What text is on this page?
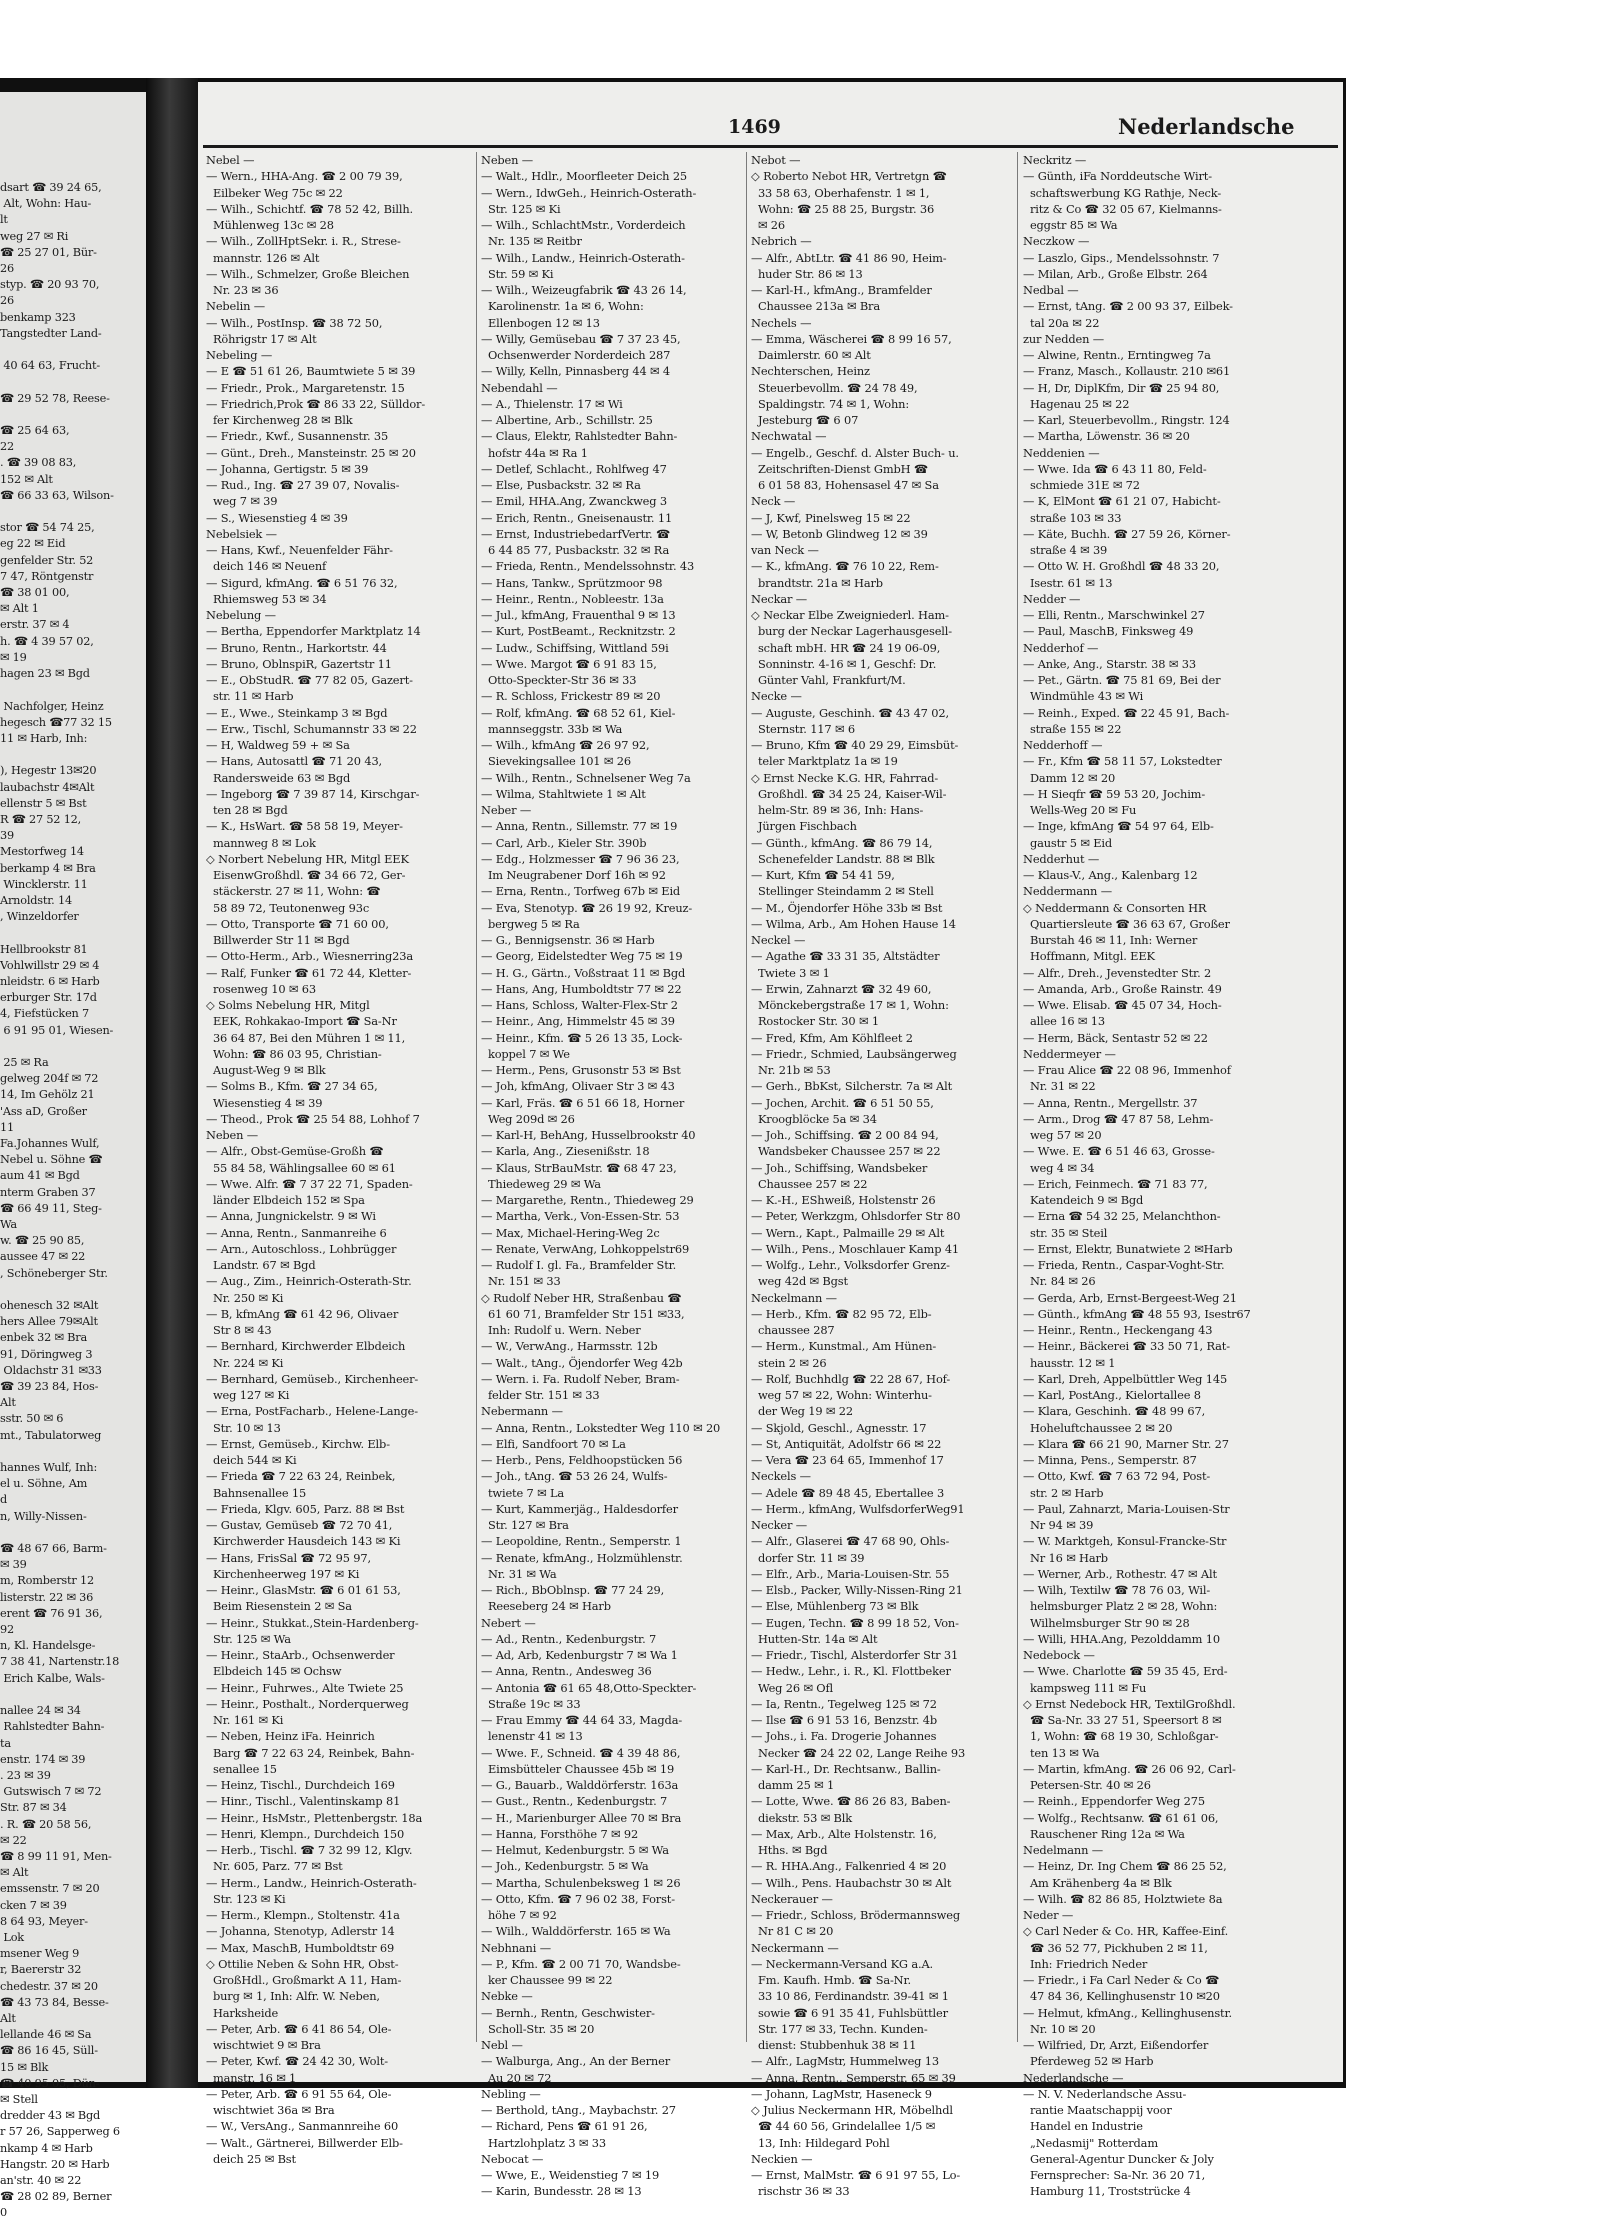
dsart ☎ 39 24 65,
Alt, Wohn: Hau-
lt
weg 27 ✉ Ri
☎ 25 27 01, Bür-
26
styp. ☎ 20 93 70,
26
benkamp 323
Tangstedter Land-

40 64 63, Frucht-

☎ 29 52 78, Reese-

☎ 25 64 63,
22
. ☎ 39 08 83,
152 ✉ Alt
☎ 66 33 63, Wilson-

stor ☎ 54 74 25,
eg 22 ✉ Eid
genfelder Str. 52
7 47, Röntgenstr
☎ 38 01 00,
✉ Alt 1
erstr. 37 ✉ 4
h. ☎ 4 39 57 02,
✉ 19
hagen 23 ✉ Bgd

Nachfolger, Heinz
hegesch ☎77 32 15
11 ✉ Harb, Inh:

), Hegestr 13✉20
laubachstr 4✉Alt
ellenstr 5 ✉ Bst
R ☎ 27 52 12,
39
Mestorfweg 14
berkamp 4 ✉ Bra
Wincklerstr. 11
Arnoldstr. 14
, Winzeldorfer

Hellbrookstr 81
Vohlwillstr 29 ✉ 4
nleidstr. 6 ✉ Harb
erburger Str. 17d
4, Fiefstücken 7
6 91 95 01, Wiesen-

25 ✉ Ra
gelweg 204f ✉ 72
14, Im Gehölz 21
'Ass aD, Großer
11
Fa.Johannes Wulf,
Nebel u. Söhne ☎
aum 41 ✉ Bgd
nterm Graben 37
☎ 66 49 11, Steg-
Wa
w. ☎ 25 90 85,
aussee 47 ✉ 22
, Schöneberger Str.

ohenesch 32 ✉Alt
hers Allee 79✉Alt
enbek 32 ✉ Bra
91, Döringweg 3
Oldachstr 31 ✉33
☎ 39 23 84, Hos-
Alt
sstr. 50 ✉ 6
mt., Tabulatorweg

hannes Wulf, Inh:
el u. Söhne, Am
d
n, Willy-Nissen-

☎ 48 67 66, Barm-
✉ 39
m, Romberstr 12
listerstr. 22 ✉ 36
erent ☎ 76 91 36,
92
n, Kl. Handelsge-
7 38 41, Nartenstr.18
Erich Kalbe, Wals-

nallee 24 ✉ 34
Rahlstedter Bahn-
ta
enstr. 174 ✉ 39
. 23 ✉ 39
Gutswisch 7 ✉ 72
Str. 87 ✉ 34
. R. ☎ 20 58 56,
✉ 22
☎ 8 99 11 91, Men-
✉ Alt
emssenstr. 7 ✉ 20
cken 7 ✉ 39
8 64 93, Meyer-
Lok
msener Weg 9
r, Baererstr 32
chedestr. 37 ✉ 20
☎ 43 73 84, Besse-
Alt
lellande 46 ✉ Sa
☎ 86 16 45, Süll-
15 ✉ Blk
☎ 40 95 05, Dün-
✉ Stell
dredder 43 ✉ Bgd
r 57 26, Sapperweg 6
nkamp 4 ✉ Harb
Hangstr. 20 ✉ Harb
an'str. 40 ✉ 22
☎ 28 02 89, Berner
0
1469	Nederlandsche
Nebel —
— Wern., HHA-Ang. ☎ 2 00 79 39,
Eilbeker Weg 75c ✉ 22
— Wilh., Schichtf. ☎ 78 52 42, Billh.
Mühlenweg 13c ✉ 28
— Wilh., ZollHptSekr. i. R., Strese-
mannstr. 126 ✉ Alt
— Wilh., Schmelzer, Große Bleichen
Nr. 23 ✉ 36
Nebelin —
— Wilh., PostInsp. ☎ 38 72 50,
Röhrigstr 17 ✉ Alt
Nebeling —
— E ☎ 51 61 26, Baumtwiete 5 ✉ 39
— Friedr., Prok., Margaretenstr. 15
— Friedrich,Prok ☎ 86 33 22, Sülldor-
fer Kirchenweg 28 ✉ Blk
— Friedr., Kwf., Susannenstr. 35
— Günt., Dreh., Mansteinstr. 25 ✉ 20
— Johanna, Gertigstr. 5 ✉ 39
— Rud., Ing. ☎ 27 39 07, Novalis-
weg 7 ✉ 39
— S., Wiesenstieg 4 ✉ 39
Nebelsiek —
— Hans, Kwf., Neuenfelder Fähr-
deich 146 ✉ Neuenf
— Sigurd, kfmAng. ☎ 6 51 76 32,
Rhiemsweg 53 ✉ 34
Nebelung —
— Bertha, Eppendorfer Marktplatz 14
— Bruno, Rentn., Harkortstr. 44
— Bruno, OblnspiR, Gazertstr 11
— E., ObStudR. ☎ 77 82 05, Gazert-
str. 11 ✉ Harb
— E., Wwe., Steinkamp 3 ✉ Bgd
— Erw., Tischl, Schumannstr 33 ✉ 22
— H, Waldweg 59 + ✉ Sa
— Hans, Autosattl ☎ 71 20 43,
Randersweide 63 ✉ Bgd
— Ingeborg ☎ 7 39 87 14, Kirschgar-
ten 28 ✉ Bgd
— K., HsWart. ☎ 58 58 19, Meyer-
mannweg 8 ✉ Lok
◇ Norbert Nebelung HR, Mitgl EEK
EisenwGroßhdl. ☎ 34 66 72, Ger-
stäckerstr. 27 ✉ 11, Wohn: ☎
58 89 72, Teutonenweg 93c
— Otto, Transporte ☎ 71 60 00,
Billwerder Str 11 ✉ Bgd
— Otto-Herm., Arb., Wiesnerring23a
— Ralf, Funker ☎ 61 72 44, Kletter-
rosenweg 10 ✉ 63
◇ Solms Nebelung HR, Mitgl
EEK, Rohkakao-Import ☎ Sa-Nr
36 64 87, Bei den Mühren 1 ✉ 11,
Wohn: ☎ 86 03 95, Christian-
August-Weg 9 ✉ Blk
— Solms B., Kfm. ☎ 27 34 65,
Wiesenstieg 4 ✉ 39
— Theod., Prok ☎ 25 54 88, Lohhof 7
Neben —
— Alfr., Obst-Gemüse-Großh ☎
55 84 58, Wählingsallee 60 ✉ 61
— Wwe. Alfr. ☎ 7 37 22 71, Spaden-
länder Elbdeich 152 ✉ Spa
— Anna, Jungnickelstr. 9 ✉ Wi
— Anna, Rentn., Sanmanreihe 6
— Arn., Autoschloss., Lohbrügger
Landstr. 67 ✉ Bgd
— Aug., Zim., Heinrich-Osterath-Str.
Nr. 250 ✉ Ki
— B, kfmAng ☎ 61 42 96, Olivaer
Str 8 ✉ 43
— Bernhard, Kirchwerder Elbdeich
Nr. 224 ✉ Ki
— Bernhard, Gemüseb., Kirchenheer-
weg 127 ✉ Ki
— Erna, PostFacharb., Helene-Lange-
Str. 10 ✉ 13
— Ernst, Gemüseb., Kirchw. Elb-
deich 544 ✉ Ki
— Frieda ☎ 7 22 63 24, Reinbek,
Bahnsenallee 15
— Frieda, Klgv. 605, Parz. 88 ✉ Bst
— Gustav, Gemüseb ☎ 72 70 41,
Kirchwerder Hausdeich 143 ✉ Ki
— Hans, FrisSal ☎ 72 95 97,
Kirchenheerweg 197 ✉ Ki
— Heinr., GlasMstr. ☎ 6 01 61 53,
Beim Riesenstein 2 ✉ Sa
— Heinr., Stukkat.,Stein-Hardenberg-
Str. 125 ✉ Wa
— Heinr., StaArb., Ochsenwerder
Elbdeich 145 ✉ Ochsw
— Heinr., Fuhrwes., Alte Twiete 25
— Heinr., Posthalt., Norderquerweg
Nr. 161 ✉ Ki
— Neben, Heinz iFa. Heinrich
Barg ☎ 7 22 63 24, Reinbek, Bahn-
senallee 15
— Heinz, Tischl., Durchdeich 169
— Hinr., Tischl., Valentinskamp 81
— Heinr., HsMstr., Plettenbergstr. 18a
— Henri, Klempn., Durchdeich 150
— Herb., Tischl. ☎ 7 32 99 12, Klgv.
Nr. 605, Parz. 77 ✉ Bst
— Herm., Landw., Heinrich-Osterath-
Str. 123 ✉ Ki
— Herm., Klempn., Stoltenstr. 41a
— Johanna, Stenotyp, Adlerstr 14
— Max, MaschB, Humboldtstr 69
◇ Ottilie Neben & Sohn HR, Obst-
GroßHdl., Großmarkt A 11, Ham-
burg ✉ 1, Inh: Alfr. W. Neben,
Harksheide
— Peter, Arb. ☎ 6 41 86 54, Ole-
wischtwiet 9 ✉ Bra
— Peter, Kwf. ☎ 24 42 30, Wolt-
manstr. 16 ✉ 1
— Peter, Arb. ☎ 6 91 55 64, Ole-
wischtwiet 36a ✉ Bra
— W., VersAng., Sanmannreihe 60
— Walt., Gärtnerei, Billwerder Elb-
deich 25 ✉ Bst
Neben —
— Walt., Hdlr., Moorfleeter Deich 25
— Wern., IdwGeh., Heinrich-Osterath-
Str. 125 ✉ Ki
— Wilh., SchlachtMstr., Vorderdeich
Nr. 135 ✉ Reitbr
— Wilh., Landw., Heinrich-Osterath-
Str. 59 ✉ Ki
— Wilh., Weizeugfabrik ☎ 43 26 14,
Karolinenstr. 1a ✉ 6, Wohn:
Ellenbogen 12 ✉ 13
— Willy, Gemüsebau ☎ 7 37 23 45,
Ochsenwerder Norderdeich 287
— Willy, Kelln, Pinnasberg 44 ✉ 4
Nebendahl —
— A., Thielenstr. 17 ✉ Wi
— Albertine, Arb., Schillstr. 25
— Claus, Elektr, Rahlstedter Bahn-
hofstr 44a ✉ Ra 1
— Detlef, Schlacht., Rohlfweg 47
— Else, Pusbackstr. 32 ✉ Ra
— Emil, HHA.Ang, Zwanckweg 3
— Erich, Rentn., Gneisenaustr. 11
— Ernst, IndustriebedarfVertr. ☎
6 44 85 77, Pusbackstr. 32 ✉ Ra
— Frieda, Rentn., Mendelssohnstr. 43
— Hans, Tankw., Sprützmoor 98
— Heinr., Rentn., Nobleestr. 13a
— Jul., kfmAng, Frauenthal 9 ✉ 13
— Kurt, PostBeamt., Recknitzstr. 2
— Ludw., Schiffsing, Wittland 59i
— Wwe. Margot ☎ 6 91 83 15,
Otto-Speckter-Str 36 ✉ 33
— R. Schloss, Frickestr 89 ✉ 20
— Rolf, kfmAng. ☎ 68 52 61, Kiel-
mannseggstr. 33b ✉ Wa
— Wilh., kfmAng ☎ 26 97 92,
Sievekingsallee 101 ✉ 26
— Wilh., Rentn., Schnelsener Weg 7a
— Wilma, Stahltwiete 1 ✉ Alt
Neber —
— Anna, Rentn., Sillemstr. 77 ✉ 19
— Carl, Arb., Kieler Str. 390b
— Edg., Holzmesser ☎ 7 96 36 23,
Im Neugrabener Dorf 16h ✉ 92
— Erna, Rentn., Torfweg 67b ✉ Eid
— Eva, Stenotyp. ☎ 26 19 92, Kreuz-
bergweg 5 ✉ Ra
— G., Bennigsenstr. 36 ✉ Harb
— Georg, Eidelstedter Weg 75 ✉ 19
— H. G., Gärtn., Voßstraat 11 ✉ Bgd
— Hans, Ang, Humboldtstr 77 ✉ 22
— Hans, Schloss, Walter-Flex-Str 2
— Heinr., Ang, Himmelstr 45 ✉ 39
— Heinr., Kfm. ☎ 5 26 13 35, Lock-
koppel 7 ✉ We
— Herm., Pens, Grusonstr 53 ✉ Bst
— Joh, kfmAng, Olivaer Str 3 ✉ 43
— Karl, Fräs. ☎ 6 51 66 18, Horner
Weg 209d ✉ 26
— Karl-H, BehAng, Husselbrookstr 40
— Karla, Ang., Ziesenißstr. 18
— Klaus, StrBauMstr. ☎ 68 47 23,
Thiedeweg 29 ✉ Wa
— Margarethe, Rentn., Thiedeweg 29
— Martha, Verk., Von-Essen-Str. 53
— Max, Michael-Hering-Weg 2c
— Renate, VerwAng, Lohkoppelstr69
— Rudolf I. gl. Fa., Bramfelder Str.
Nr. 151 ✉ 33
◇ Rudolf Neber HR, Straßenbau ☎
61 60 71, Bramfelder Str 151 ✉33,
Inh: Rudolf u. Wern. Neber
— W., VerwAng., Harmsstr. 12b
— Walt., tAng., Öjendorfer Weg 42b
— Wern. i. Fa. Rudolf Neber, Bram-
felder Str. 151 ✉ 33
Nebermann —
— Anna, Rentn., Lokstedter Weg 110 ✉ 20
— Elfi, Sandfoort 70 ✉ La
— Herb., Pens, Feldhoopstücken 56
— Joh., tAng. ☎ 53 26 24, Wulfs-
twiete 7 ✉ La
— Kurt, Kammerjäg., Haldesdorfer
Str. 127 ✉ Bra
— Leopoldine, Rentn., Semperstr. 1
— Renate, kfmAng., Holzmühlenstr.
Nr. 31 ✉ Wa
— Rich., BbOblnsp. ☎ 77 24 29,
Reeseberg 24 ✉ Harb
Nebert —
— Ad., Rentn., Kedenburgstr. 7
— Ad, Arb, Kedenburgstr 7 ✉ Wa 1
— Anna, Rentn., Andesweg 36
— Antonia ☎ 61 65 48,Otto-Speckter-
Straße 19c ✉ 33
— Frau Emmy ☎ 44 64 33, Magda-
lenenstr 41 ✉ 13
— Wwe. F., Schneid. ☎ 4 39 48 86,
Eimsbütteler Chaussee 45b ✉ 19
— G., Bauarb., Walddörferstr. 163a
— Gust., Rentn., Kedenburgstr. 7
— H., Marienburger Allee 70 ✉ Bra
— Hanna, Forsthöhe 7 ✉ 92
— Helmut, Kedenburgstr. 5 ✉ Wa
— Joh., Kedenburgstr. 5 ✉ Wa
— Martha, Schulenbeksweg 1 ✉ 26
— Otto, Kfm. ☎ 7 96 02 38, Forst-
höhe 7 ✉ 92
— Wilh., Walddörferstr. 165 ✉ Wa
Nebhnani —
— P., Kfm. ☎ 2 00 71 70, Wandsbe-
ker Chaussee 99 ✉ 22
Nebke —
— Bernh., Rentn, Geschwister-
Scholl-Str. 35 ✉ 20
Nebl —
— Walburga, Ang., An der Berner
Au 20 ✉ 72
Nebling —
— Berthold, tAng., Maybachstr. 27
— Richard, Pens ☎ 61 91 26,
Hartzlohplatz 3 ✉ 33
Nebocat —
— Wwe, E., Weidenstieg 7 ✉ 19
— Karin, Bundesstr. 28 ✉ 13
Nebot —
◇ Roberto Nebot HR, Vertretgn ☎
33 58 63, Oberhafenstr. 1 ✉ 1,
Wohn: ☎ 25 88 25, Burgstr. 36
✉ 26
Nebrich —
— Alfr., AbtLtr. ☎ 41 86 90, Heim-
huder Str. 86 ✉ 13
— Karl-H., kfmAng., Bramfelder
Chaussee 213a ✉ Bra
Nechels —
— Emma, Wäscherei ☎ 8 99 16 57,
Daimlerstr. 60 ✉ Alt
Nechterschen, Heinz
Steuerbevollm. ☎ 24 78 49,
Spaldingstr. 74 ✉ 1, Wohn:
Jesteburg ☎ 6 07
Nechwatal —
— Engelb., Geschf. d. Alster Buch- u.
Zeitschriften-Dienst GmbH ☎
6 01 58 83, Hohensasel 47 ✉ Sa
Neck —
— J, Kwf, Pinelsweg 15 ✉ 22
— W, Betonb Glindweg 12 ✉ 39
van Neck —
— K., kfmAng. ☎ 76 10 22, Rem-
brandtstr. 21a ✉ Harb
Neckar —
◇ Neckar Elbe Zweigniederl. Ham-
burg der Neckar Lagerhausgesell-
schaft mbH. HR ☎ 24 19 06-09,
Sonninstr. 4-16 ✉ 1, Geschf: Dr.
Günter Vahl, Frankfurt/M.
Necke —
— Auguste, Geschinh. ☎ 43 47 02,
Sternstr. 117 ✉ 6
— Bruno, Kfm ☎ 40 29 29, Eimsbüt-
teler Marktplatz 1a ✉ 19
◇ Ernst Necke K.G. HR, Fahrrad-
Großhdl. ☎ 34 25 24, Kaiser-Wil-
helm-Str. 89 ✉ 36, Inh: Hans-
Jürgen Fischbach
— Günth., kfmAng. ☎ 86 79 14,
Schenefelder Landstr. 88 ✉ Blk
— Kurt, Kfm ☎ 54 41 59,
Stellinger Steindamm 2 ✉ Stell
— M., Öjendorfer Höhe 33b ✉ Bst
— Wilma, Arb., Am Hohen Hause 14
Neckel —
— Agathe ☎ 33 31 35, Altstädter
Twiete 3 ✉ 1
— Erwin, Zahnarzt ☎ 32 49 60,
Mönckebergstraße 17 ✉ 1, Wohn:
Rostocker Str. 30 ✉ 1
— Fred, Kfm, Am Köhlfleet 2
— Friedr., Schmied, Laubsängerweg
Nr. 21b ✉ 53
— Gerh., BbKst, Silcherstr. 7a ✉ Alt
— Jochen, Archit. ☎ 6 51 50 55,
Kroogblöcke 5a ✉ 34
— Joh., Schiffsing. ☎ 2 00 84 94,
Wandsbeker Chaussee 257 ✉ 22
— Joh., Schiffsing, Wandsbeker
Chaussee 257 ✉ 22
— K.-H., EShweiß, Holstenstr 26
— Peter, Werkzgm, Ohlsdorfer Str 80
— Wern., Kapt., Palmaille 29 ✉ Alt
— Wilh., Pens., Moschlauer Kamp 41
— Wolfg., Lehr., Volksdorfer Grenz-
weg 42d ✉ Bgst
Neckelmann —
— Herb., Kfm. ☎ 82 95 72, Elb-
chaussee 287
— Herm., Kunstmal., Am Hünen-
stein 2 ✉ 26
— Rolf, Buchhdlg ☎ 22 28 67, Hof-
weg 57 ✉ 22, Wohn: Winterhu-
der Weg 19 ✉ 22
— Skjold, Geschl., Agnesstr. 17
— St, Antiquität, Adolfstr 66 ✉ 22
— Vera ☎ 23 64 65, Immenhof 17
Neckels —
— Adele ☎ 89 48 45, Ebertallee 3
— Herm., kfmAng, WulfsdorferWeg91
Necker —
— Alfr., Glaserei ☎ 47 68 90, Ohls-
dorfer Str. 11 ✉ 39
— Elfr., Arb., Maria-Louisen-Str. 55
— Elsb., Packer, Willy-Nissen-Ring 21
— Else, Mühlenberg 73 ✉ Blk
— Eugen, Techn. ☎ 8 99 18 52, Von-
Hutten-Str. 14a ✉ Alt
— Friedr., Tischl, Alsterdorfer Str 31
— Hedw., Lehr., i. R., Kl. Flottbeker
Weg 26 ✉ Ofl
— Ia, Rentn., Tegelweg 125 ✉ 72
— Ilse ☎ 6 91 53 16, Benzstr. 4b
— Johs., i. Fa. Drogerie Johannes
Necker ☎ 24 22 02, Lange Reihe 93
— Karl-H., Dr. Rechtsanw., Ballin-
damm 25 ✉ 1
— Lotte, Wwe. ☎ 86 26 83, Baben-
diekstr. 53 ✉ Blk
— Max, Arb., Alte Holstenstr. 16,
Hths. ✉ Bgd
— R. HHA.Ang., Falkenried 4 ✉ 20
— Wilh., Pens. Haubachstr 30 ✉ Alt
Neckerauer —
— Friedr., Schloss, Brödermannsweg
Nr 81 C ✉ 20
Neckermann —
— Neckermann-Versand KG a.A.
Fm. Kaufh. Hmb. ☎ Sa-Nr.
33 10 86, Ferdinandstr. 39-41 ✉ 1
sowie ☎ 6 91 35 41, Fuhlsbüttler
Str. 177 ✉ 33, Techn. Kunden-
dienst: Stubbenhuk 38 ✉ 11
— Alfr., LagMstr, Hummelweg 13
— Anna, Rentn., Semperstr. 65 ✉ 39
— Johann, LagMstr, Haseneck 9
◇ Julius Neckermann HR, Möbelhdl
☎ 44 60 56, Grindelallee 1/5 ✉
13, Inh: Hildegard Pohl
Neckien —
— Ernst, MalMstr. ☎ 6 91 97 55, Lo-
rischstr 36 ✉ 33
Neckritz —
— Günth, iFa Norddeutsche Wirt-
schaftswerbung KG Rathje, Neck-
ritz & Co ☎ 32 05 67, Kielmanns-
eggstr 85 ✉ Wa
Neczkow —
— Laszlo, Gips., Mendelssohnstr. 7
— Milan, Arb., Große Elbstr. 264
Nedbal —
— Ernst, tAng. ☎ 2 00 93 37, Eilbek-
tal 20a ✉ 22
zur Nedden —
— Alwine, Rentn., Erntingweg 7a
— Franz, Masch., Kollaustr. 210 ✉61
— H, Dr, DiplKfm, Dir ☎ 25 94 80,
Hagenau 25 ✉ 22
— Karl, Steuerbevollm., Ringstr. 124
— Martha, Löwenstr. 36 ✉ 20
Neddenien —
— Wwe. Ida ☎ 6 43 11 80, Feld-
schmiede 31E ✉ 72
— K, ElMont ☎ 61 21 07, Habicht-
straße 103 ✉ 33
— Käte, Buchh. ☎ 27 59 26, Körner-
straße 4 ✉ 39
— Otto W. H. Großhdl ☎ 48 33 20,
Isestr. 61 ✉ 13
Nedder —
— Elli, Rentn., Marschwinkel 27
— Paul, MaschB, Finksweg 49
Nedderhof —
— Anke, Ang., Starstr. 38 ✉ 33
— Pet., Gärtn. ☎ 75 81 69, Bei der
Windmühle 43 ✉ Wi
— Reinh., Exped. ☎ 22 45 91, Bach-
straße 155 ✉ 22
Nedderhoff —
— Fr., Kfm ☎ 58 11 57, Lokstedter
Damm 12 ✉ 20
— H Sieqfr ☎ 59 53 20, Jochim-
Wells-Weg 20 ✉ Fu
— Inge, kfmAng ☎ 54 97 64, Elb-
gaustr 5 ✉ Eid
Nedderhut —
— Klaus-V., Ang., Kalenbarg 12
Neddermann —
◇ Neddermann & Consorten HR
Quartiersleute ☎ 36 63 67, Großer
Burstah 46 ✉ 11, Inh: Werner
Hoffmann, Mitgl. EEK
— Alfr., Dreh., Jevenstedter Str. 2
— Amanda, Arb., Große Rainstr. 49
— Wwe. Elisab. ☎ 45 07 34, Hoch-
allee 16 ✉ 13
— Herm, Bäck, Sentastr 52 ✉ 22
Neddermeyer —
— Frau Alice ☎ 22 08 96, Immenhof
Nr. 31 ✉ 22
— Anna, Rentn., Mergellstr. 37
— Arm., Drog ☎ 47 87 58, Lehm-
weg 57 ✉ 20
— Wwe. E. ☎ 6 51 46 63, Grosse-
weg 4 ✉ 34
— Erich, Feinmech. ☎ 71 83 77,
Katendeich 9 ✉ Bgd
— Erna ☎ 54 32 25, Melanchthon-
str. 35 ✉ Steil
— Ernst, Elektr, Bunatwiete 2 ✉Harb
— Frieda, Rentn., Caspar-Voght-Str.
Nr. 84 ✉ 26
— Gerda, Arb, Ernst-Bergeest-Weg 21
— Günth., kfmAng ☎ 48 55 93, Isestr67
— Heinr., Rentn., Heckengang 43
— Heinr., Bäckerei ☎ 33 50 71, Rat-
hausstr. 12 ✉ 1
— Karl, Dreh, Appelbüttler Weg 145
— Karl, PostAng., Kielortallee 8
— Klara, Geschinh. ☎ 48 99 67,
Hoheluftchaussee 2 ✉ 20
— Klara ☎ 66 21 90, Marner Str. 27
— Minna, Pens., Semperstr. 87
— Otto, Kwf. ☎ 7 63 72 94, Post-
str. 2 ✉ Harb
— Paul, Zahnarzt, Maria-Louisen-Str
Nr 94 ✉ 39
— W. Marktgeh, Konsul-Francke-Str
Nr 16 ✉ Harb
— Werner, Arb., Rothestr. 47 ✉ Alt
— Wilh, Textilw ☎ 78 76 03, Wil-
helmsburger Platz 2 ✉ 28, Wohn:
Wilhelmsburger Str 90 ✉ 28
— Willi, HHA.Ang, Pezolddamm 10
Nedebock —
— Wwe. Charlotte ☎ 59 35 45, Erd-
kampsweg 111 ✉ Fu
◇ Ernst Nedebock HR, TextilGroßhdl.
☎ Sa-Nr. 33 27 51, Speersort 8 ✉
1, Wohn: ☎ 68 19 30, Schloßgar-
ten 13 ✉ Wa
— Martin, kfmAng. ☎ 26 06 92, Carl-
Petersen-Str. 40 ✉ 26
— Reinh., Eppendorfer Weg 275
— Wolfg., Rechtsanw. ☎ 61 61 06,
Rauschener Ring 12a ✉ Wa
Nedelmann —
— Heinz, Dr. Ing Chem ☎ 86 25 52,
Am Krähenberg 4a ✉ Blk
— Wilh. ☎ 82 86 85, Holztwiete 8a
Neder —
◇ Carl Neder & Co. HR, Kaffee-Einf.
☎ 36 52 77, Pickhuben 2 ✉ 11,
Inh: Friedrich Neder
— Friedr., i Fa Carl Neder & Co ☎
47 84 36, Kellinghusenstr 10 ✉20
— Helmut, kfmAng., Kellinghusenstr.
Nr. 10 ✉ 20
— Wilfried, Dr, Arzt, Eißendorfer
Pferdeweg 52 ✉ Harb
Nederlandsche —
— N. V. Nederlandsche Assu-
rantie Maatschappij voor
Handel en Industrie
„Nedasmij" Rotterdam
General-Agentur Duncker & Joly
Fernsprecher: Sa-Nr. 36 20 71,
Hamburg 11, Troststrücke 4
